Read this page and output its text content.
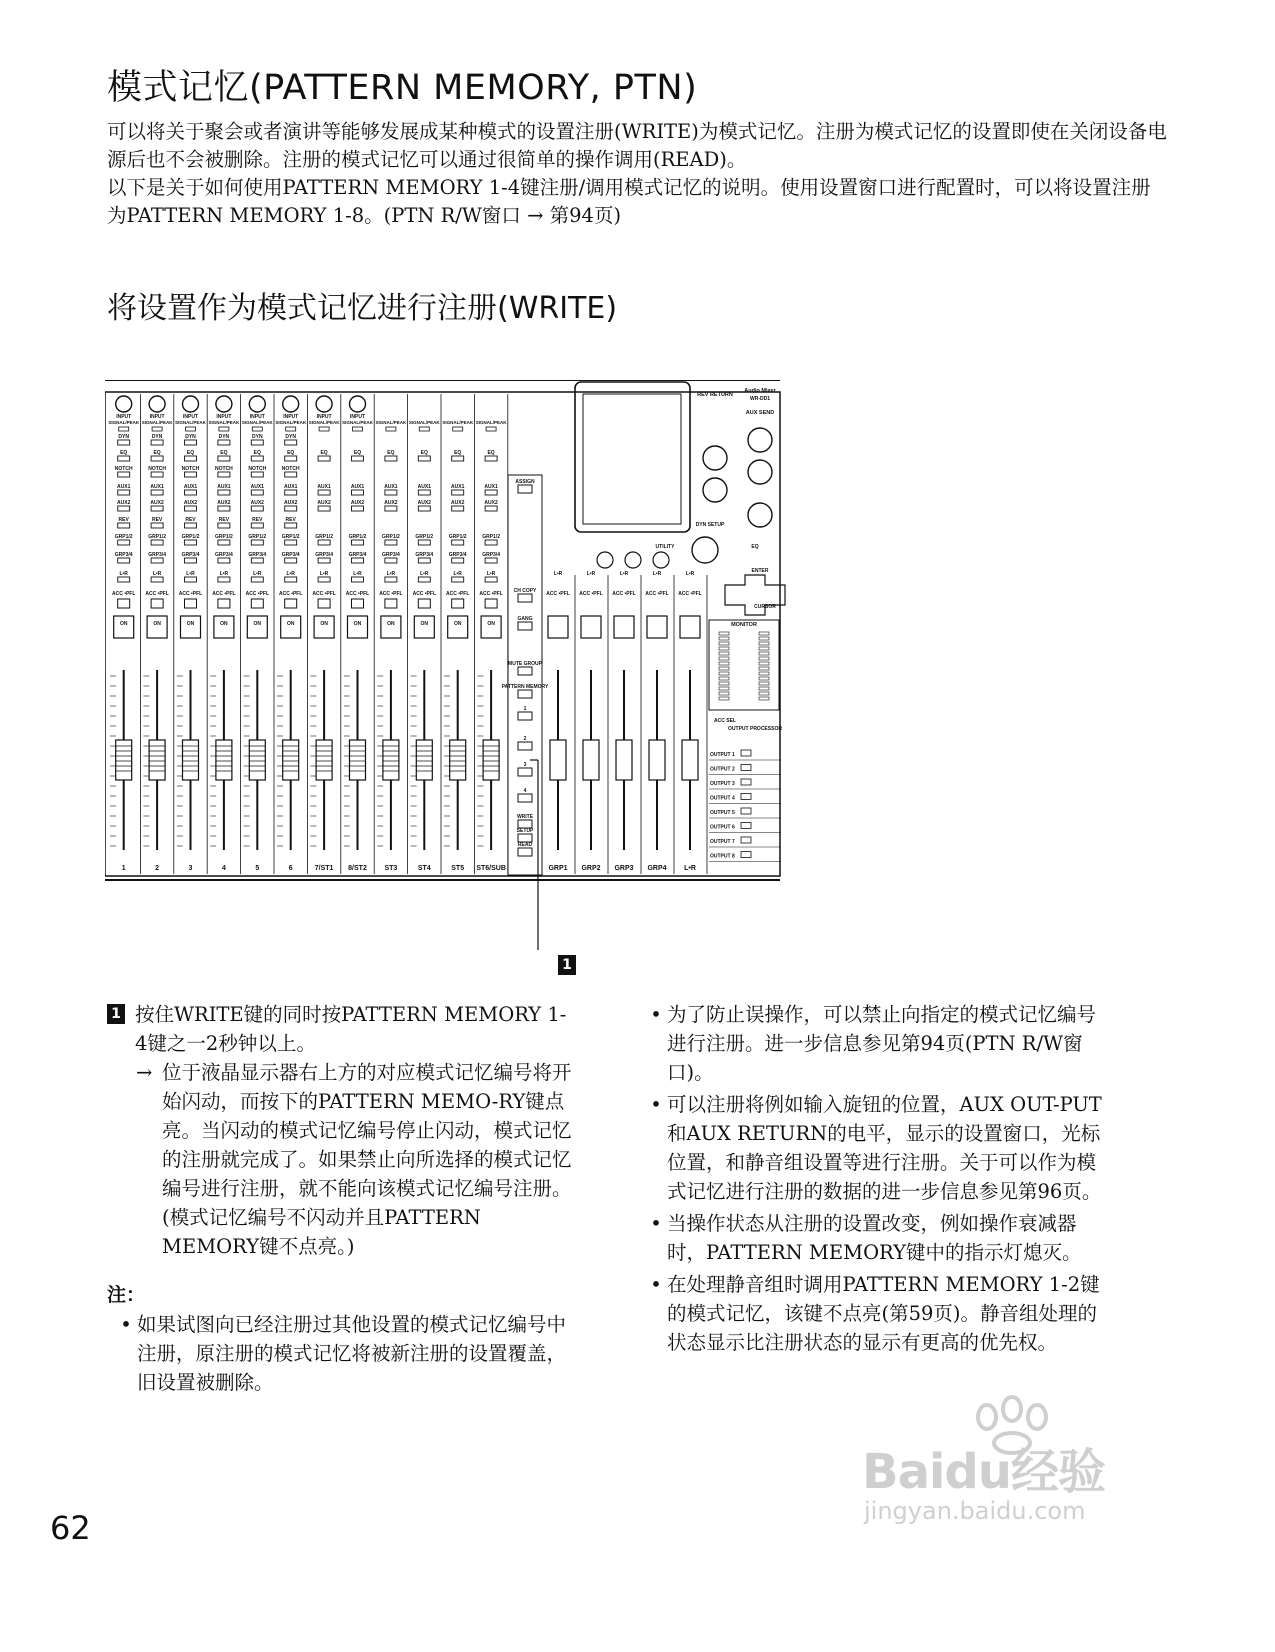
模式记忆(PATTERN MEMORY, PTN)

可以将关于聚会或者演讲等能够发展成某种模式的设置注册(WRITE)为模式记忆。注册为模式记忆的设置即使在关闭设备电源后也不会被删除。注册的模式记忆可以通过很简单的操作调用(READ)。

以下是关于如何使用PATTERN MEMORY 1-4键注册/调用模式记忆的说明。使用设置窗口进行配置时，可以将设置注册为PATTERN MEMORY 1-8。(PTN R/W窗口 → 第94页)

将设置作为模式记忆进行注册(WRITE)
INPUT
SIGNAL/PEAK
DYN
EQ
NOTCH
AUX1
AUX2
REV
GRP1/2
GRP3/4
L•R
ACC •PFL
ON
1
INPUT
SIGNAL/PEAK
DYN
EQ
NOTCH
AUX1
AUX2
REV
GRP1/2
GRP3/4
L•R
ACC •PFL
ON
2
INPUT
SIGNAL/PEAK
DYN
EQ
NOTCH
AUX1
AUX2
REV
GRP1/2
GRP3/4
L•R
ACC •PFL
ON
3
INPUT
SIGNAL/PEAK
DYN
EQ
NOTCH
AUX1
AUX2
REV
GRP1/2
GRP3/4
L•R
ACC •PFL
ON
4
INPUT
SIGNAL/PEAK
DYN
EQ
NOTCH
AUX1
AUX2
REV
GRP1/2
GRP3/4
L•R
ACC •PFL
ON
5
INPUT
SIGNAL/PEAK
DYN
EQ
NOTCH
AUX1
AUX2
REV
GRP1/2
GRP3/4
L•R
ACC •PFL
ON
6
INPUT
SIGNAL/PEAK
EQ
AUX1
AUX2
GRP1/2
GRP3/4
L•R
ACC •PFL
ON
7/ST1
INPUT
SIGNAL/PEAK
EQ
AUX1
AUX2
GRP1/2
GRP3/4
L•R
ACC •PFL
ON
8/ST2
SIGNAL/PEAK
EQ
AUX1
AUX2
GRP1/2
GRP3/4
L•R
ACC •PFL
ON
ST3
SIGNAL/PEAK
EQ
AUX1
AUX2
GRP1/2
GRP3/4
L•R
ACC •PFL
ON
ST4
SIGNAL/PEAK
EQ
AUX1
AUX2
GRP1/2
GRP3/4
L•R
ACC •PFL
ON
ST5
SIGNAL/PEAK
EQ
AUX1
AUX2
GRP1/2
GRP3/4
L•R
ACC •PFL
ON
ST6/SUB
ASSIGN
CH COPY
GANG
MUTE GROUP
PATTERN MEMORY
1
2
3
4
WRITE
SETUP
READ
L•R
ACC •PFL
GRP1
L•R
ACC •PFL
GRP2
L•R
ACC •PFL
GRP3
L•R
ACC •PFL
GRP4
L•R
ACC •PFL
L•R
UTILITY
REV RETURN
Audio Mixer
WR-DD1
AUX SEND
DYN SETUP
EQ
ENTER
CURSOR
MONITOR
ACC SEL
OUTPUT PROCESSOR
OUTPUT 1
OUTPUT 2
OUTPUT 3
OUTPUT 4
OUTPUT 5
OUTPUT 6
OUTPUT 7
OUTPUT 8
1
1 按住WRITE键的同时按PATTERN MEMORY 1-4键之一2秒钟以上。
→ 位于液晶显示器右上方的对应模式记忆编号将开始闪动，而按下的PATTERN MEMO-RY键点亮。当闪动的模式记忆编号停止闪动，模式记忆的注册就完成了。如果禁止向所选择的模式记忆编号进行注册，就不能向该模式记忆编号注册。(模式记忆编号不闪动并且PATTERN MEMORY键不点亮。)
注：
• 如果试图向已经注册过其他设置的模式记忆编号中注册，原注册的模式记忆将被新注册的设置覆盖，旧设置被删除。
• 为了防止误操作，可以禁止向指定的模式记忆编号进行注册。进一步信息参见第94页(PTN R/W窗口)。
• 可以注册将例如输入旋钮的位置，AUX OUT-PUT和AUX RETURN的电平，显示的设置窗口，光标位置，和静音组设置等进行注册。关于可以作为模式记忆进行注册的数据的进一步信息参见第96页。
• 当操作状态从注册的设置改变，例如操作衰减器时，PATTERN MEMORY键中的指示灯熄灭。
• 在处理静音组时调用PATTERN MEMORY 1-2键的模式记忆，该键不点亮(第59页)。静音组处理的状态显示比注册状态的显示有更高的优先权。
62
Baidu经验
jingyan.baidu.com
